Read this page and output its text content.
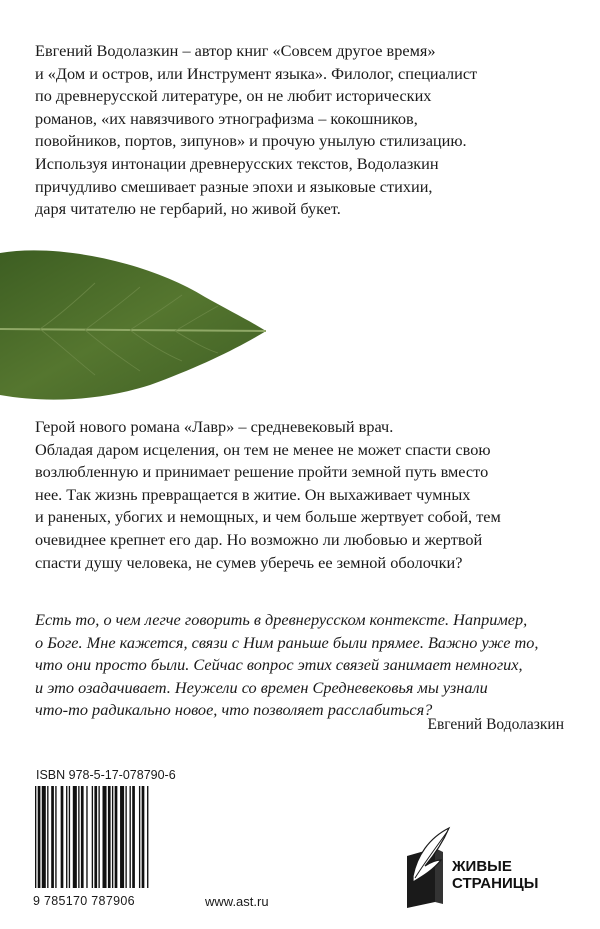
Евгений Водолазкин – автор книг «Совсем другое время»
и «Дом и остров, или Инструмент языка». Филолог, специалист
по древнерусской литературе, он не любит исторических
романов, «их навязчивого этнографизма – кокошников,
повойников, портов, зипунов» и прочую унылую стилизацию.
Используя интонации древнерусских текстов, Водолазкин
причудливо смешивает разные эпохи и языковые стихии,
даря читателю не гербарий, но живой букет.
Герой нового романа «Лавр» – средневековый врач.
Обладая даром исцеления, он тем не менее не может спасти свою
возлюбленную и принимает решение пройти земной путь вместо
нее. Так жизнь превращается в житие. Он выхаживает чумных
и раненых, убогих и немощных, и чем больше жертвует собой, тем
очевиднее крепнет его дар. Но возможно ли любовью и жертвой
спасти душу человека, не сумев уберечь ее земной оболочки?
Есть то, о чем легче говорить в древнерусском контексте. Например,
о Боге. Мне кажется, связи с Ним раньше были прямее. Важно уже то,
что они просто были. Сейчас вопрос этих связей занимает немногих,
и это озадачивает. Неужели со времен Средневековья мы узнали
что-то радикально новое, что позволяет расслабиться?
Евгений Водолазкин
ISBN 978-5-17-078790-6
9 785170 787906	www.ast.ru
ЖИВЫЕ
СТРАНИЦЫ
